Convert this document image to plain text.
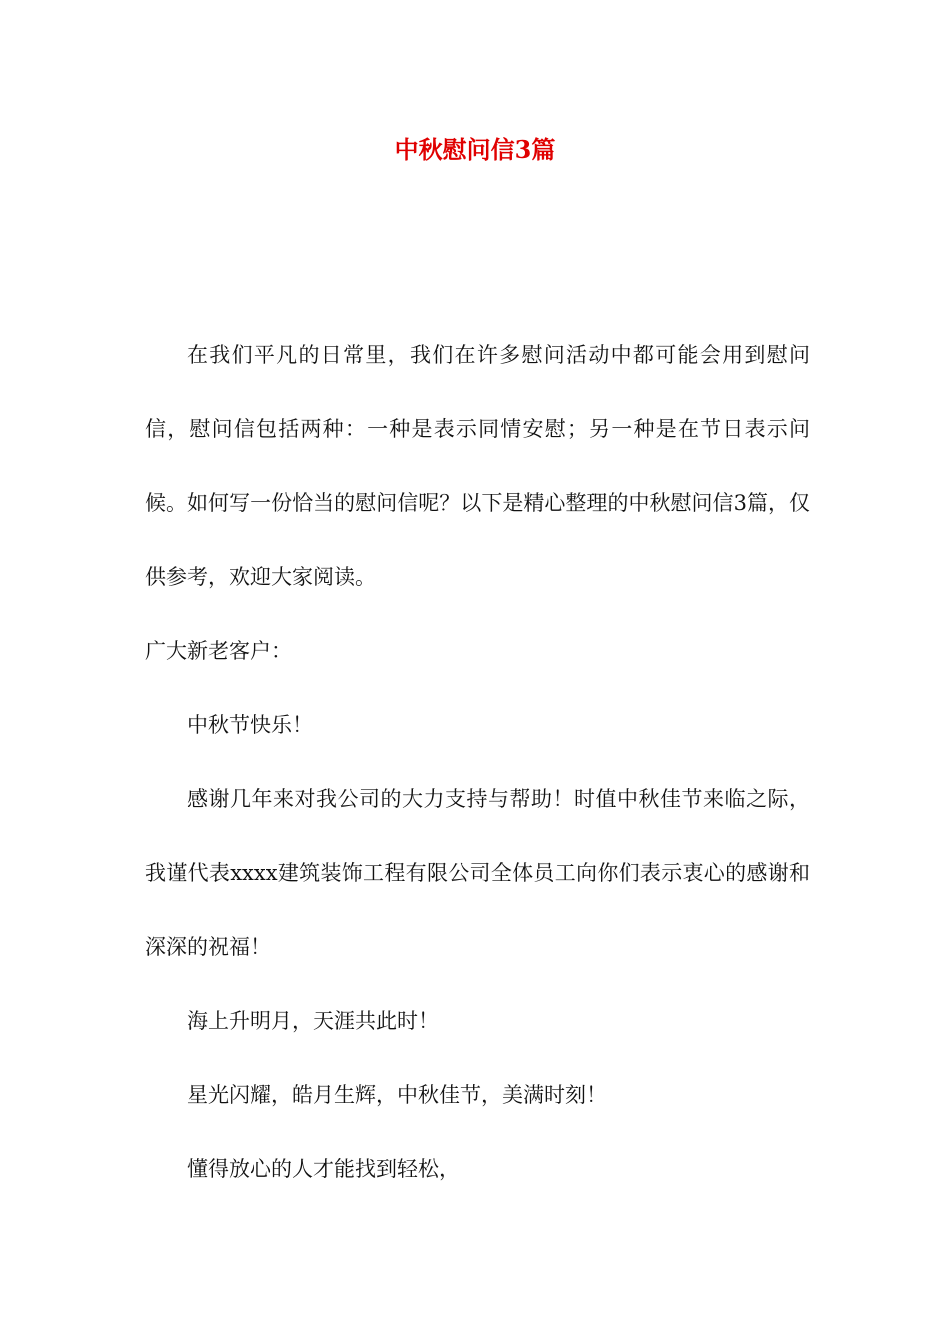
中秋慰问信3篇

在我们平凡的日常里，我们在许多慰问活动中都可能会用到慰问信，慰问信包括两种：一种是表示同情安慰；另一种是在节日表示问候。如何写一份恰当的慰问信呢？以下是精心整理的中秋慰问信3篇，仅供参考，欢迎大家阅读。

广大新老客户：

中秋节快乐！

感谢几年来对我公司的大力支持与帮助！时值中秋佳节来临之际，我谨代表xxxx建筑装饰工程有限公司全体员工向你们表示衷心的感谢和深深的祝福！

海上升明月，天涯共此时！

星光闪耀，皓月生辉，中秋佳节，美满时刻！

懂得放心的人才能找到轻松，
